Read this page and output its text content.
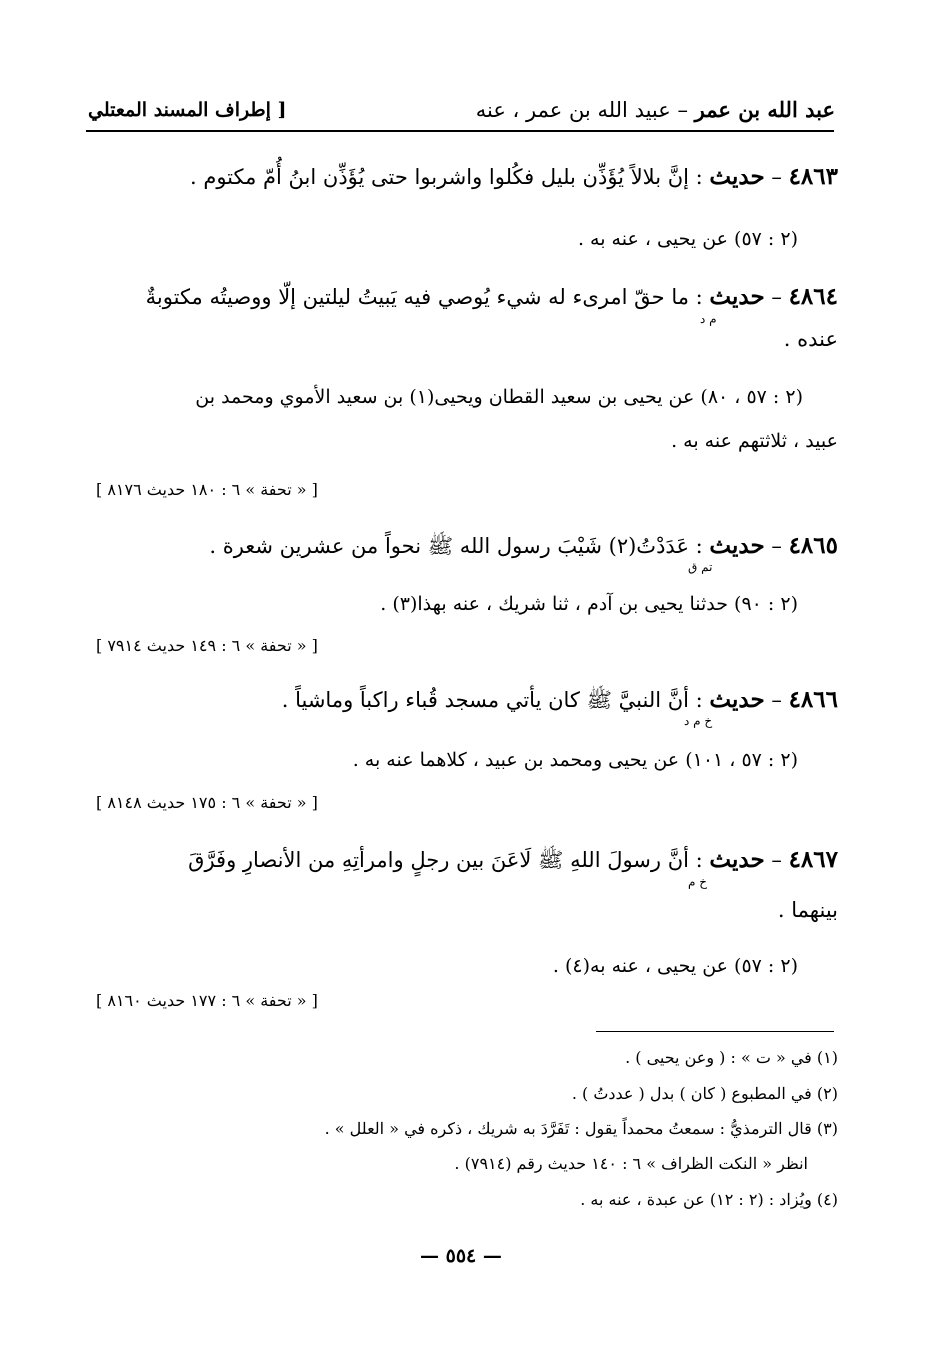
عبد الله بن عمر – عبيد الله بن عمر ، عنه
[ إطراف المسند المعتلي
٤٨٦٣ – حديث : إنَّ بلالاً يُؤَذِّن بليل فكُلوا واشربوا حتى يُؤَذِّن ابنُ أُمّ مكتوم .
(٢ : ٥٧) عن يحيى ، عنه به .
٤٨٦٤ – حديث : ما حقّ امرىء له شيء يُوصي فيه يَبيتُ ليلتين إلّا ووصيتُه مكتوبةٌ
م د
عنده .
(٢ : ٥٧ ، ٨٠) عن يحيى بن سعيد القطان ويحيى(١) بن سعيد الأموي ومحمد بن
عبيد ، ثلاثتهم عنه به .
[ « تحفة » ٦ : ١٨٠ حديث ٨١٧٦ ]
٤٨٦٥ – حديث : عَدَدْتُ(٢) شَيْبَ رسول الله ﷺ نحواً من عشرين شعرة .
تم ق
(٢ : ٩٠) حدثنا يحيى بن آدم ، ثنا شريك ، عنه بهذا(٣) .
[ « تحفة » ٦ : ١٤٩ حديث ٧٩١٤ ]
٤٨٦٦ – حديث : أنَّ النبيَّ ﷺ كان يأتي مسجد قُباء راكباً وماشياً .
خ م د
(٢ : ٥٧ ، ١٠١) عن يحيى ومحمد بن عبيد ، كلاهما عنه به .
[ « تحفة » ٦ : ١٧٥ حديث ٨١٤٨ ]
٤٨٦٧ – حديث : أنَّ رسولَ اللهِ ﷺ لَاعَنَ بين رجلٍ وامرأتِهِ من الأنصارِ وفَرَّقَ
خ م
بينهما .
(٢ : ٥٧) عن يحيى ، عنه به(٤) .
[ « تحفة » ٦ : ١٧٧ حديث ٨١٦٠ ]
(١) في « ت » : ( وعن يحيى ) .
(٢) في المطبوع ( كان ) بدل ( عددتُ ) .
(٣) قال الترمذيُّ : سمعتُ محمداً يقول : تَفَرَّدَ به شريك ، ذكره في « العلل » .
انظر « النكت الظراف » ٦ : ١٤٠ حديث رقم (٧٩١٤) .
(٤) ويُزاد : (٢ : ١٢) عن عبدة ، عنه به .
— ٥٥٤ —
